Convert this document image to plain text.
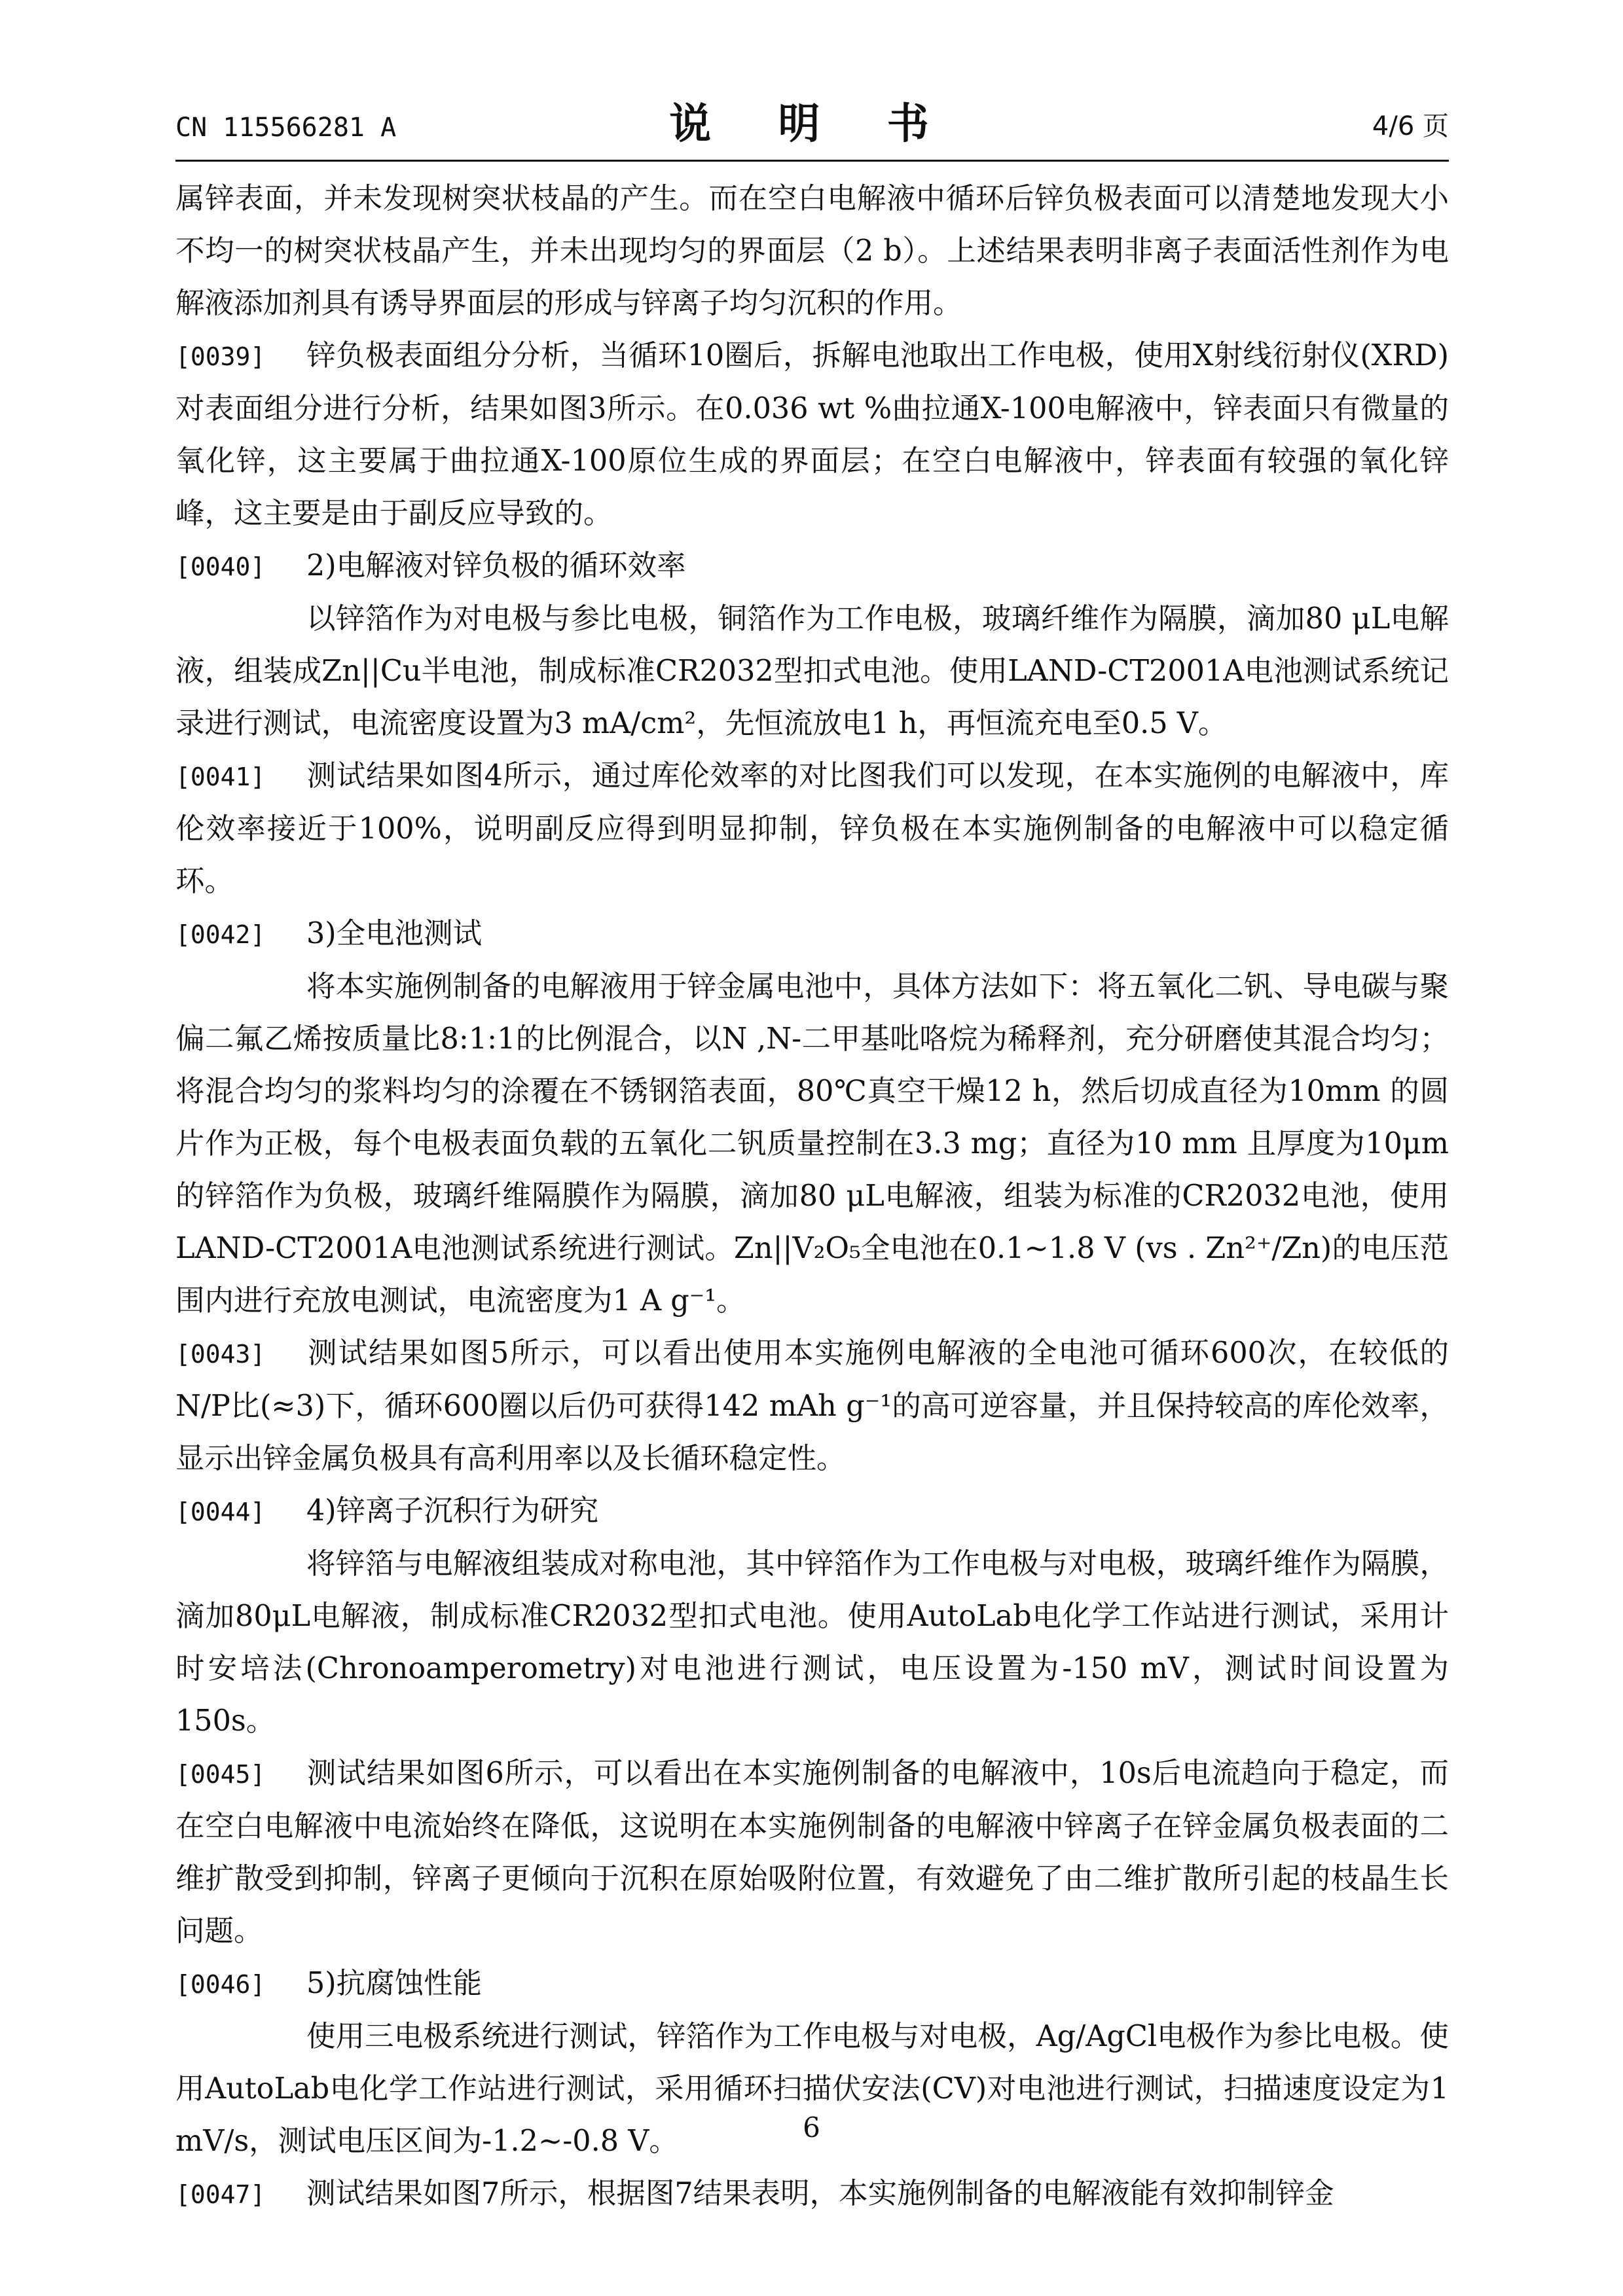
CN 115566281 A	说 明 书	4/6 页

属锌表面，并未发现树突状枝晶的产生。而在空白电解液中循环后锌负极表面可以清楚地发现大小不均一的树突状枝晶产生，并未出现均匀的界面层（2 b）。上述结果表明非离子表面活性剂作为电解液添加剂具有诱导界面层的形成与锌离子均匀沉积的作用。

[0039] 锌负极表面组分分析，当循环10圈后，拆解电池取出工作电极，使用X射线衍射仪(XRD)对表面组分进行分析，结果如图3所示。在0.036 wt %曲拉通X-100电解液中，锌表面只有微量的氧化锌，这主要属于曲拉通X-100原位生成的界面层；在空白电解液中，锌表面有较强的氧化锌峰，这主要是由于副反应导致的。

[0040] 2)电解液对锌负极的循环效率

以锌箔作为对电极与参比电极，铜箔作为工作电极，玻璃纤维作为隔膜，滴加80 μL电解液，组装成Zn||Cu半电池，制成标准CR2032型扣式电池。使用LAND-CT2001A电池测试系统记录进行测试，电流密度设置为3 mA/cm²，先恒流放电1 h，再恒流充电至0.5 V。

[0041] 测试结果如图4所示，通过库伦效率的对比图我们可以发现，在本实施例的电解液中，库伦效率接近于100%，说明副反应得到明显抑制，锌负极在本实施例制备的电解液中可以稳定循环。

[0042] 3)全电池测试

将本实施例制备的电解液用于锌金属电池中，具体方法如下：将五氧化二钒、导电碳与聚偏二氟乙烯按质量比8:1:1的比例混合，以N ,N-二甲基吡咯烷为稀释剂，充分研磨使其混合均匀；将混合均匀的浆料均匀的涂覆在不锈钢箔表面，80℃真空干燥12 h，然后切成直径为10mm 的圆片作为正极，每个电极表面负载的五氧化二钒质量控制在3.3 mg；直径为10 mm 且厚度为10μm的锌箔作为负极，玻璃纤维隔膜作为隔膜，滴加80 μL电解液，组装为标准的CR2032电池，使用LAND-CT2001A电池测试系统进行测试。Zn||V₂O₅全电池在0.1~1.8 V (vs . Zn²⁺/Zn)的电压范围内进行充放电测试，电流密度为1 A g⁻¹。

[0043] 测试结果如图5所示，可以看出使用本实施例电解液的全电池可循环600次，在较低的N/P比(≈3)下，循环600圈以后仍可获得142 mAh g⁻¹的高可逆容量，并且保持较高的库伦效率，显示出锌金属负极具有高利用率以及长循环稳定性。

[0044] 4)锌离子沉积行为研究

将锌箔与电解液组装成对称电池，其中锌箔作为工作电极与对电极，玻璃纤维作为隔膜，滴加80μL电解液，制成标准CR2032型扣式电池。使用AutoLab电化学工作站进行测试，采用计时安培法(Chronoamperometry)对电池进行测试，电压设置为-150 mV，测试时间设置为150s。

[0045] 测试结果如图6所示，可以看出在本实施例制备的电解液中，10s后电流趋向于稳定，而在空白电解液中电流始终在降低，这说明在本实施例制备的电解液中锌离子在锌金属负极表面的二维扩散受到抑制，锌离子更倾向于沉积在原始吸附位置，有效避免了由二维扩散所引起的枝晶生长问题。

[0046] 5)抗腐蚀性能

使用三电极系统进行测试，锌箔作为工作电极与对电极，Ag/AgCl电极作为参比电极。使用AutoLab电化学工作站进行测试，采用循环扫描伏安法(CV)对电池进行测试，扫描速度设定为1 mV/s，测试电压区间为-1.2~-0.8 V。

[0047] 测试结果如图7所示，根据图7结果表明，本实施例制备的电解液能有效抑制锌金

6
